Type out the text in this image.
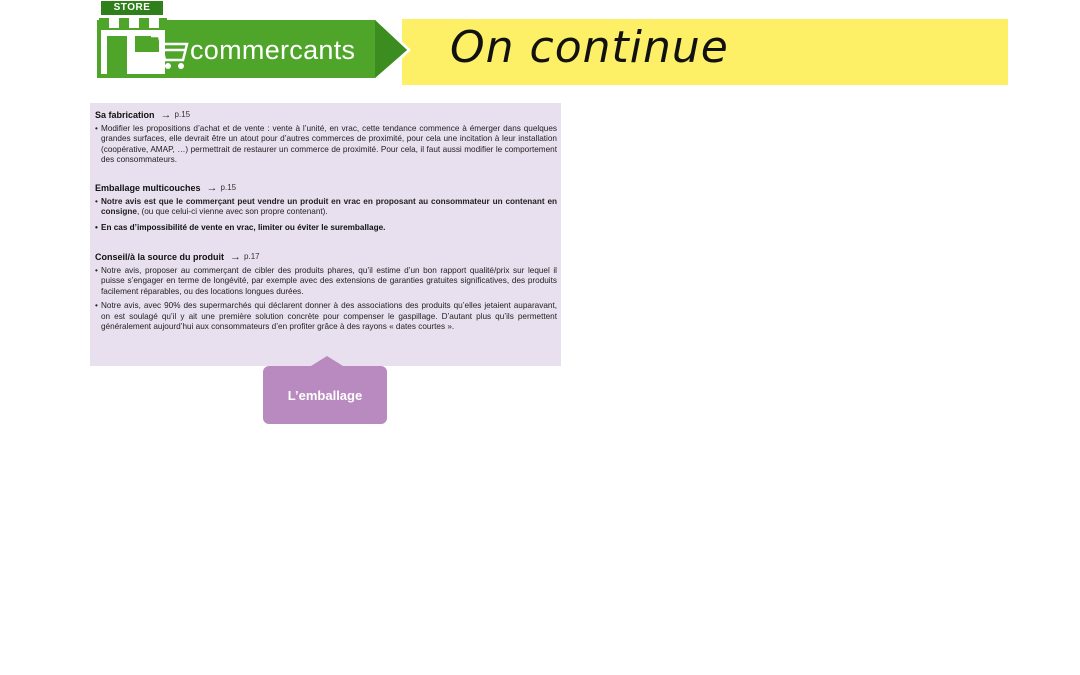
On continue
STORE
commercants
Sa fabrication → p.15
• Modifier les propositions d’achat et de vente : vente à l’unité, en vrac, cette tendance commence à émerger dans quelques grandes surfaces, elle devrait être un atout pour d’autres commerces de proximité, pour cela une incitation à leur installation (coopérative, AMAP, …) permettrait de restaurer un commerce de proximité. Pour cela, il faut aussi modifier le comportement des consommateurs.
Emballage multicouches → p.15
• Notre avis est que le commerçant peut vendre un produit en vrac en proposant au consommateur un contenant en consigne, (ou que celui-ci vienne avec son propre contenant).
• En cas d’impossibilité de vente en vrac, limiter ou éviter le suremballage.
Conseil/à la source du produit → p.17
• Notre avis, proposer au commerçant de cibler des produits phares, qu’il estime d’un bon rapport qualité/prix sur lequel il puisse s’engager en terme de longévité, par exemple avec des extensions de garanties gratuites significatives, des produits facilement réparables, ou des locations longues durées.
• Notre avis, avec 90% des supermarchés qui déclarent donner à des associations des produits qu’elles jetaient auparavant, on est soulagé qu’il y ait une première solution concrète pour compenser le gaspillage. D’autant plus qu’ils permettent généralement aujourd’hui aux consommateurs d’en profiter grâce à des rayons « dates courtes ».
L’emballage
